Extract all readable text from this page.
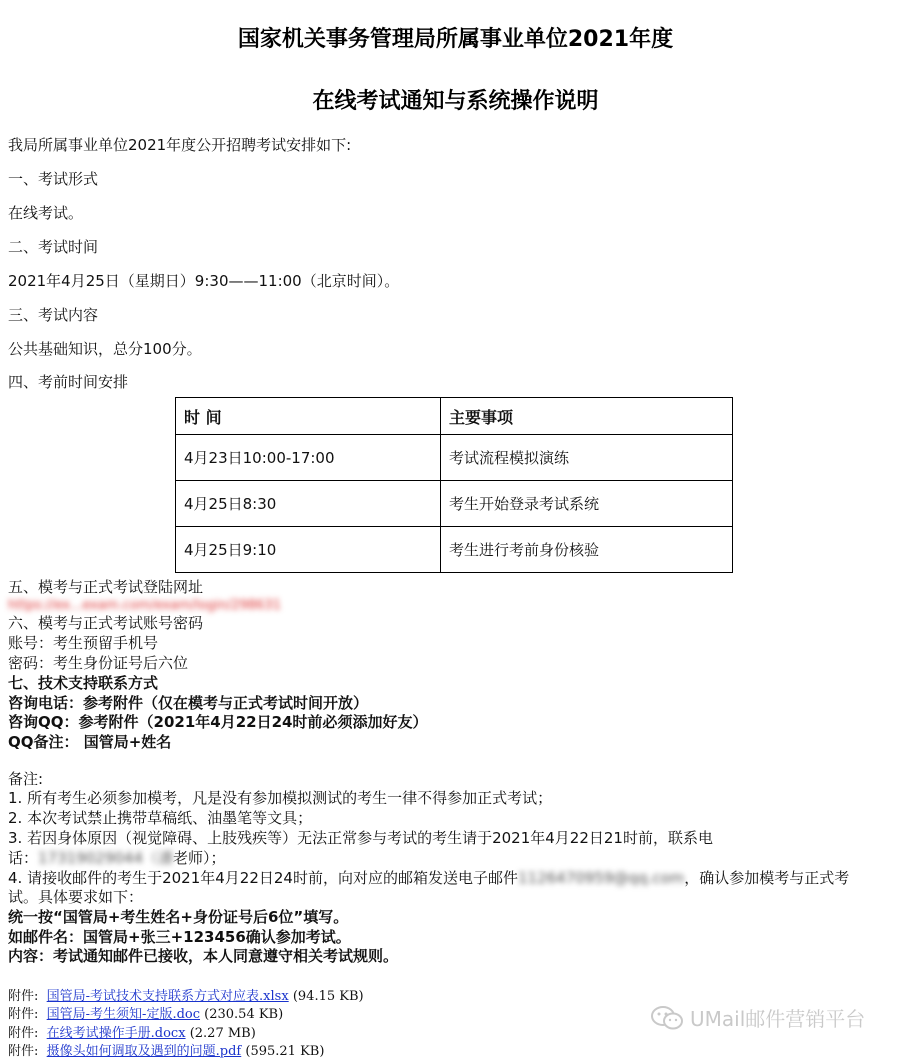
国家机关事务管理局所属事业单位2021年度
在线考试通知与系统操作说明
我局所属事业单位2021年度公开招聘考试安排如下:
一、考试形式
在线考试。
二、考试时间
2021年4月25日（星期日）9:30——11:00（北京时间）。
三、考试内容
公共基础知识，总分100分。
四、考前时间安排
时 间	主要事项
4月23日10:00-17:00	考试流程模拟演练
4月25日8:30	考生开始登录考试系统
4月25日9:10	考生进行考前身份核验
五、模考与正式考试登陆网址
https://ex...exam.com/exam/login/298631
六、模考与正式考试账号密码
账号：考生预留手机号
密码：考生身份证号后六位
七、技术支持联系方式
咨询电话：参考附件（仅在模考与正式考试时间开放）
咨询QQ：参考附件（2021年4月22日24时前必须添加好友）
QQ备注： 国管局+姓名
备注:
1. 所有考生必须参加模考，凡是没有参加模拟测试的考生一律不得参加正式考试；
2. 本次考试禁止携带草稿纸、油墨笔等文具；
3. 若因身体原因（视觉障碍、上肢残疾等）无法正常参与考试的考生请于2021年4月22日21时前，联系电
话：17319029044（潘老师）；
4. 请接收邮件的考生于2021年4月22日24时前，向对应的邮箱发送电子邮件1126470959@qq.com，确认参加模考与正式考
试。具体要求如下：
统一按“国管局+考生姓名+身份证号后6位”填写。
如邮件名：国管局+张三+123456确认参加考试。
内容：考试通知邮件已接收，本人同意遵守相关考试规则。
附件: 国管局-考试技术支持联系方式对应表.xlsx (94.15 KB)
附件: 国管局-考生须知-定版.doc (230.54 KB)
附件: 在线考试操作手册.docx (2.27 MB)
附件: 摄像头如何调取及遇到的问题.pdf (595.21 KB)
UMail邮件营销平台
